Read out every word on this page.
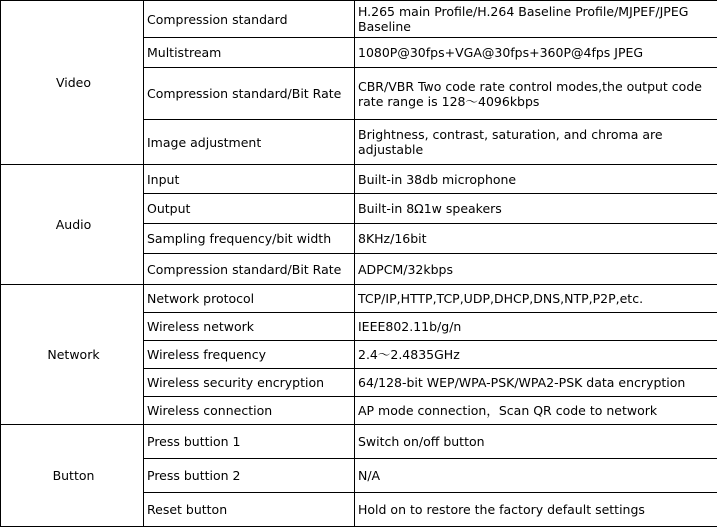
Video	Compression standard	H.265 main Profile/H.264 Baseline Profile/MJPEF/JPEG Baseline
	Multistream	1080P@30fps+VGA@30fps+360P@4fps JPEG
	Compression standard/Bit Rate	CBR/VBR Two code rate control modes,the output code rate range is 128～4096kbps
	Image adjustment	Brightness, contrast, saturation, and chroma are adjustable
Audio	Input	Built-in 38db microphone
	Output	Built-in 8Ω1w speakers
	Sampling frequency/bit width	8KHz/16bit
	Compression standard/Bit Rate	ADPCM/32kbps
Network	Network protocol	TCP/IP,HTTP,TCP,UDP,DHCP,DNS,NTP,P2P,etc.
	Wireless network	IEEE802.11b/g/n
	Wireless frequency	2.4～2.4835GHz
	Wireless security encryption	64/128-bit WEP/WPA-PSK/WPA2-PSK data encryption
	Wireless connection	AP mode connection，Scan QR code to network
Button	Press buttion 1	Switch on/off button
	Press buttion 2	N/A
	Reset button	Hold on to restore the factory default settings
